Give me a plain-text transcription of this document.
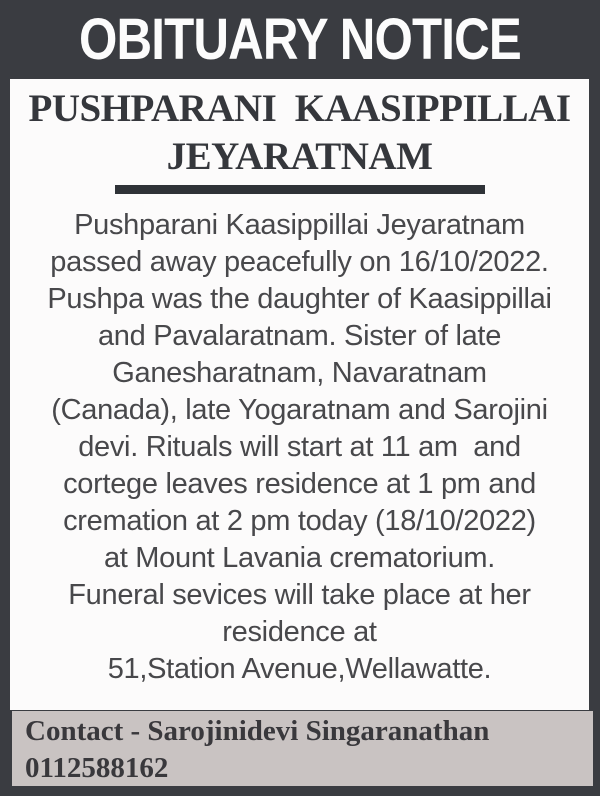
OBITUARY NOTICE
PUSHPARANI  KAASIPPILLAI
JEYARATNAM
Pushparani Kaasippillai Jeyaratnam
passed away peacefully on 16/10/2022.
Pushpa was the daughter of Kaasippillai
and Pavalaratnam. Sister of late
Ganesharatnam, Navaratnam
(Canada), late Yogaratnam and Sarojini
devi. Rituals will start at 11 am  and
cortege leaves residence at 1 pm and
cremation at 2 pm today (18/10/2022)
at Mount Lavania crematorium.
Funeral sevices will take place at her
residence at
51,Station Avenue,Wellawatte.
Contact - Sarojinidevi Singaranathan
0112588162
